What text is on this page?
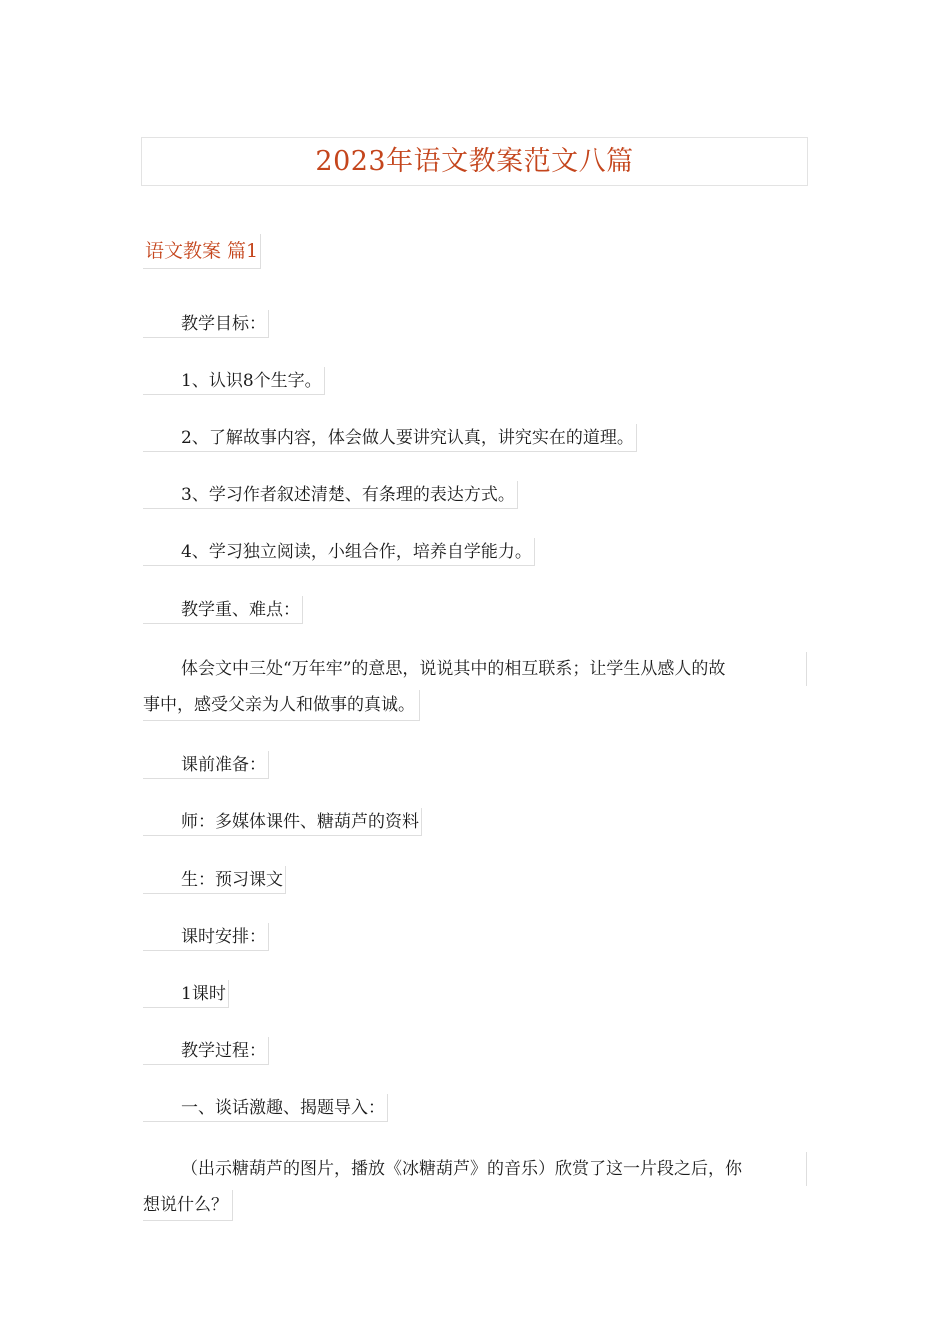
2023年语文教案范文八篇
语文教案 篇1
教学目标：
1、认识8个生字。
2、了解故事内容，体会做人要讲究认真，讲究实在的道理。
3、学习作者叙述清楚、有条理的表达方式。
4、学习独立阅读，小组合作，培养自学能力。
教学重、难点：
体会文中三处“万年牢”的意思，说说其中的相互联系；让学生从感人的故
事中，感受父亲为人和做事的真诚。
课前准备：
师：多媒体课件、糖葫芦的资料
生：预习课文
课时安排：
1课时
教学过程：
一、谈话激趣、揭题导入：
（出示糖葫芦的图片，播放《冰糖葫芦》的音乐）欣赏了这一片段之后，你
想说什么？
